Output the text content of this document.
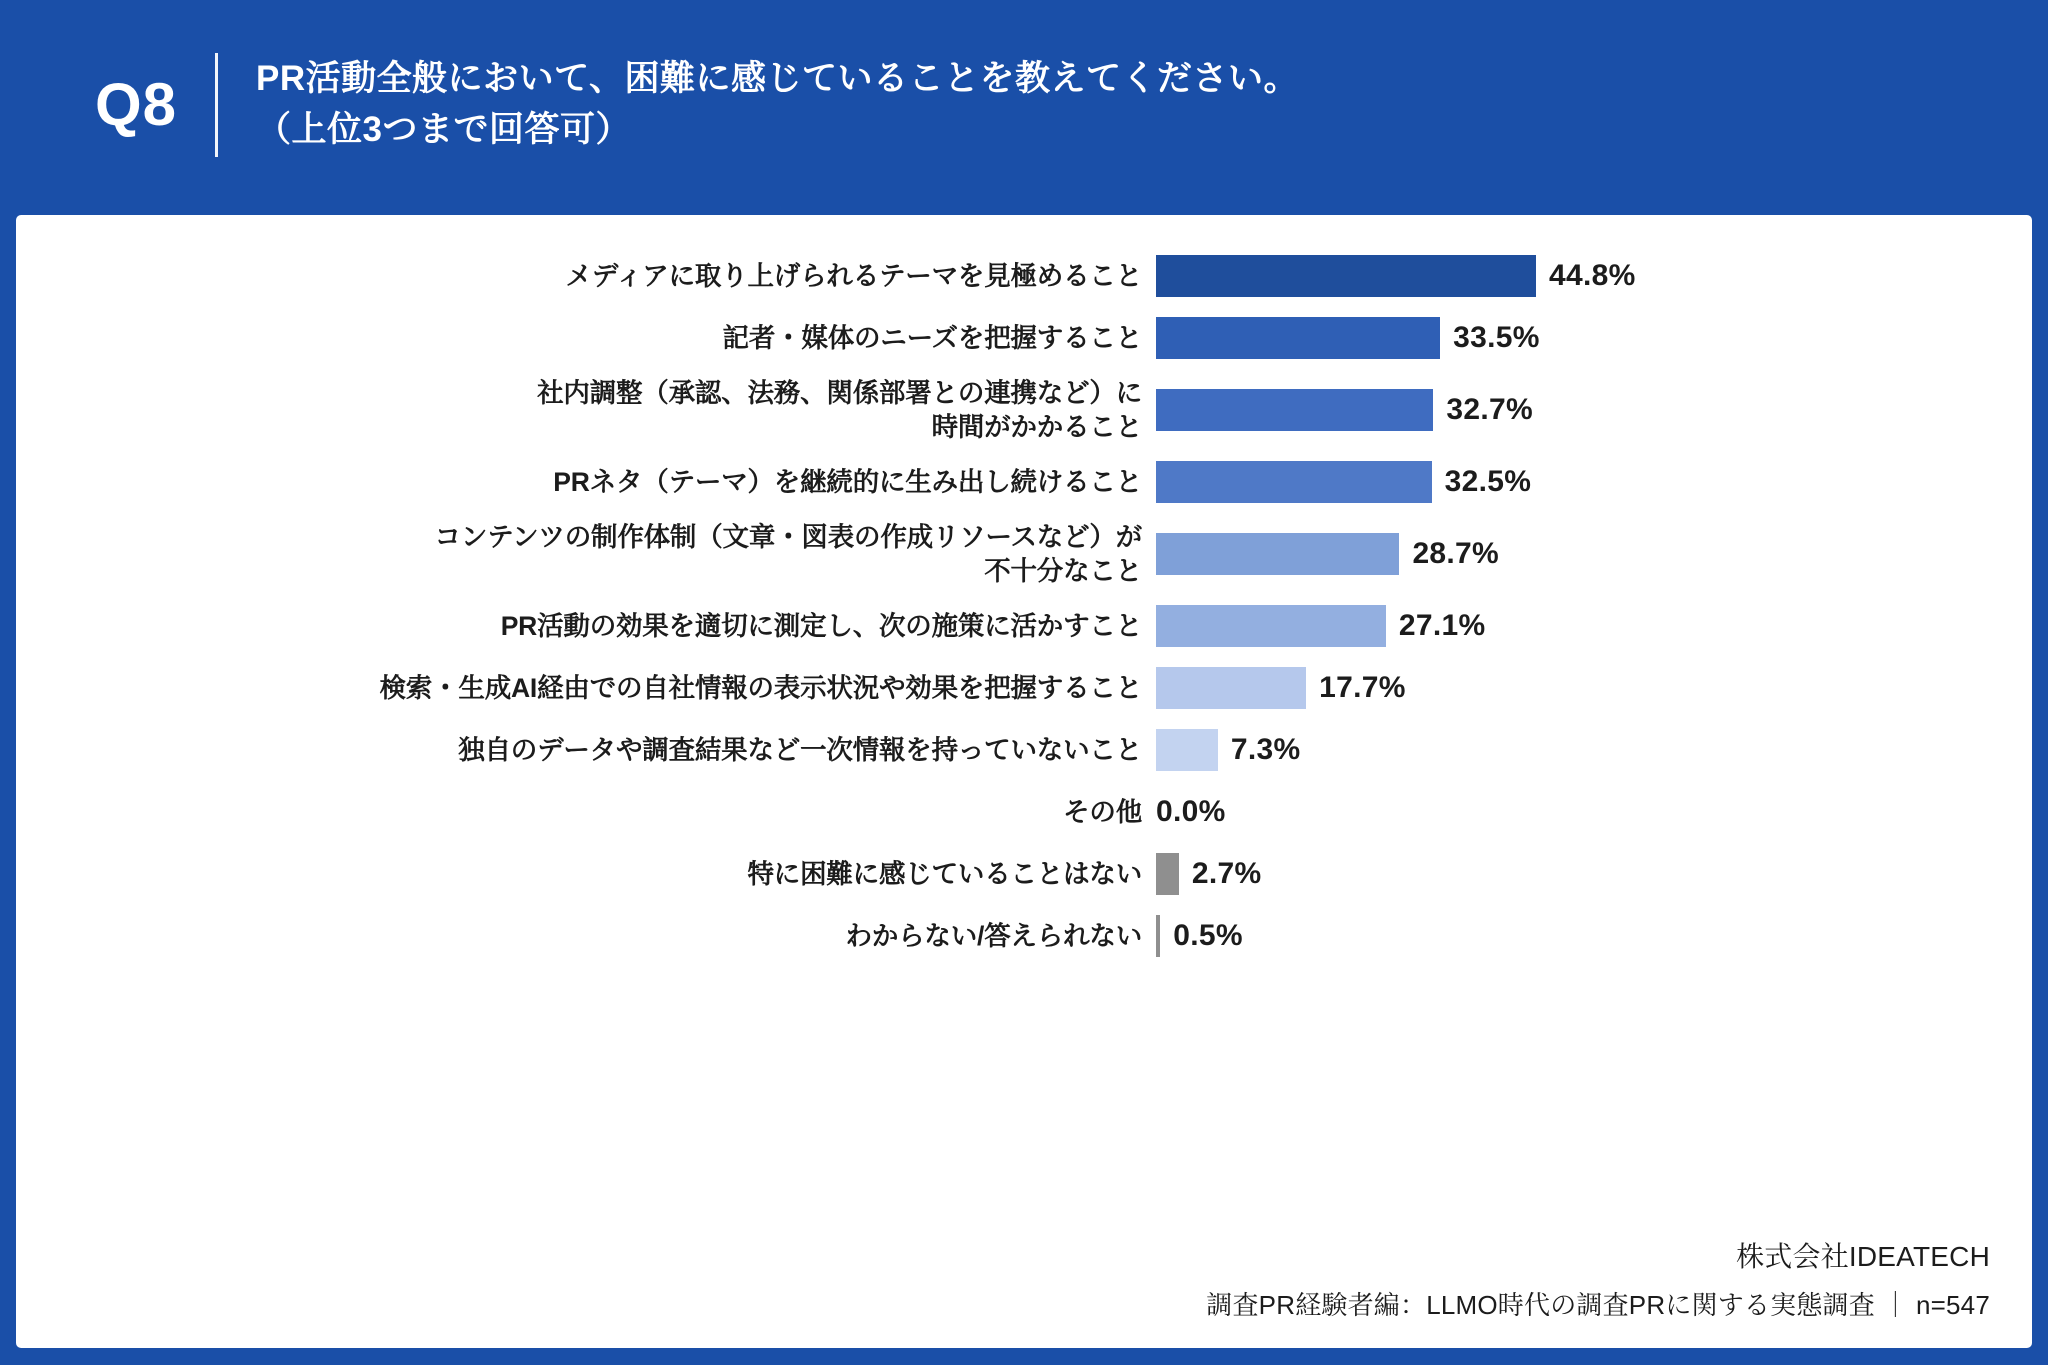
Q8 PR活動全般において、困難に感じていることを教えてください。
（上位3つまで回答可）
メディアに取り上げられるテーマを見極めること	44.8%
記者・媒体のニーズを把握すること	33.5%
社内調整（承認、法務、関係部署との連携など）に
時間がかかること
32.7%
PRネタ（テーマ）を継続的に生み出し続けること	32.5%
コンテンツの制作体制（文章・図表の作成リソースなど）が
不十分なこと
28.7%
PR活動の効果を適切に測定し、次の施策に活かすこと	27.1%
検索・生成AI経由での自社情報の表示状況や効果を把握すること	17.7%
独自のデータや調査結果など一次情報を持っていないこと	7.3%
その他 0.0%
特に困難に感じていることはない	2.7%
わからない/答えられない	0.5%
株式会社IDEATECH
調査PR経験者編：LLMO時代の調査PRに関する実態調査 ｜ n=547
